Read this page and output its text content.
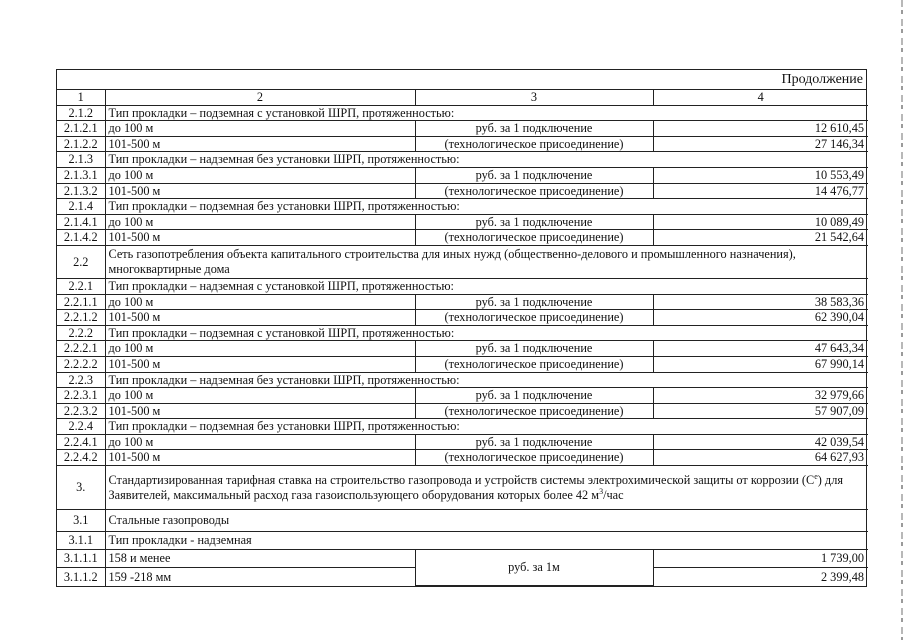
Продолжение
1	2	3	4
2.1.2	Тип прокладки – подземная с установкой ШРП, протяженностью:		
2.1.2.1	до 100 м	руб. за 1 подключение	12 610,45
2.1.2.2	101-500 м	(технологическое присоединение)	27 146,34
2.1.3	Тип прокладки – надземная без установки ШРП, протяженностью:		
2.1.3.1	до 100 м	руб. за 1 подключение	10 553,49
2.1.3.2	101-500 м	(технологическое присоединение)	14 476,77
2.1.4	Тип прокладки – подземная без установки ШРП, протяженностью:		
2.1.4.1	до 100 м	руб. за 1 подключение	10 089,49
2.1.4.2	101-500 м	(технологическое присоединение)	21 542,64
2.2	Сеть газопотребления объекта капитального строительства для иных нужд (общественно-делового и промышленного назначения), многоквартирные дома		
2.2.1	Тип прокладки – надземная с установкой ШРП, протяженностью:		
2.2.1.1	до 100 м	руб. за 1 подключение	38 583,36
2.2.1.2	101-500 м	(технологическое присоединение)	62 390,04
2.2.2	Тип прокладки – подземная с установкой ШРП, протяженностью:		
2.2.2.1	до 100 м	руб. за 1 подключение	47 643,34
2.2.2.2	101-500 м	(технологическое присоединение)	67 990,14
2.2.3	Тип прокладки – надземная без установки ШРП, протяженностью:		
2.2.3.1	до 100 м	руб. за 1 подключение	32 979,66
2.2.3.2	101-500 м	(технологическое присоединение)	57 907,09
2.2.4	Тип прокладки – подземная без установки ШРП, протяженностью:		
2.2.4.1	до 100 м	руб. за 1 подключение	42 039,54
2.2.4.2	101-500 м	(технологическое присоединение)	64 627,93
3.	Стандартизированная тарифная ставка на строительство газопровода и устройств системы электрохимической защиты от коррозии (Ce) для Заявителей, максимальный расход газа газоиспользующего оборудования которых более 42 $м^3$/час		
3.1	Стальные газопроводы		
3.1.1	Тип прокладки - надземная		
3.1.1.1	158 и менее	руб. за 1м	1 739,00
3.1.1.2	159 -218 мм		2 399,48
